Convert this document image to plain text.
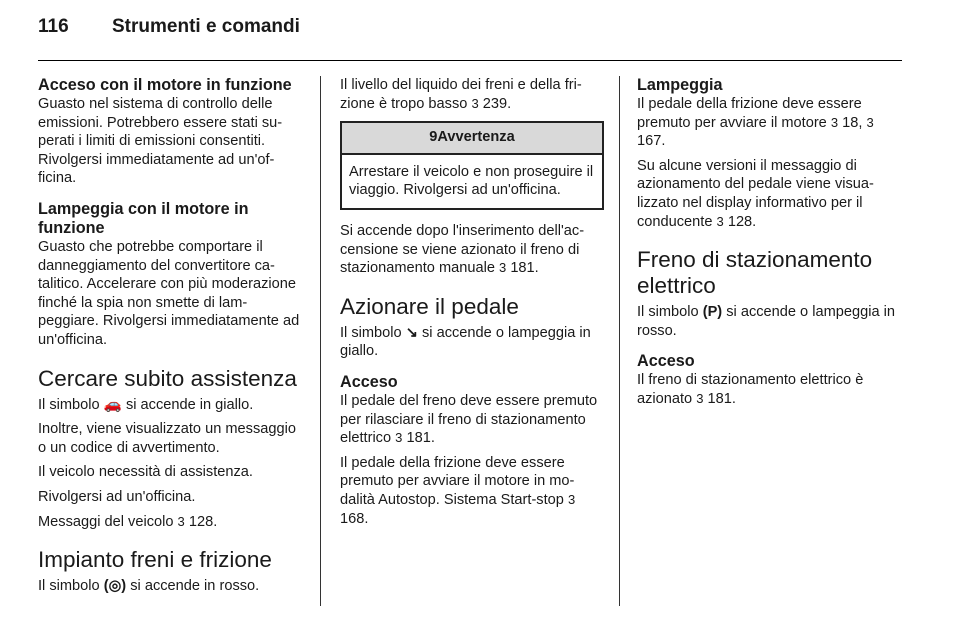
116 Strumenti e comandi
Acceso con il motore in funzione

Guasto nel sistema di controllo delle emissioni. Potrebbero essere stati superati i limiti di emissioni consentiti. Rivolgersi immediatamente ad un'officina.

Lampeggia con il motore in funzione

Guasto che potrebbe comportare il danneggiamento del convertitore catalitico. Accelerare con più moderazione finché la spia non smette di lampeggiare. Rivolgersi immediatamente ad un'officina.

Cercare subito assistenza

Il simbolo 🚗 si accende in giallo.

Inoltre, viene visualizzato un messaggio o un codice di avvertimento.

Il veicolo necessità di assistenza.

Rivolgersi ad un'officina.

Messaggi del veicolo 3 128.

Impianto freni e frizione

Il simbolo (◎) si accende in rosso.

Il livello del liquido dei freni e della frizione è tropo basso 3 239.

9Avvertenza
Arrestare il veicolo e non proseguire il viaggio. Rivolgersi ad un'officina.

Si accende dopo l'inserimento dell'accensione se viene azionato il freno di stazionamento manuale 3 181.

Azionare il pedale

Il simbolo ↘ si accende o lampeggia in giallo.

Acceso

Il pedale del freno deve essere premuto per rilasciare il freno di stazionamento elettrico 3 181.

Il pedale della frizione deve essere premuto per avviare il motore in modalità Autostop. Sistema Start-stop 3 168.

Lampeggia

Il pedale della frizione deve essere premuto per avviare il motore 3 18, 3 167.

Su alcune versioni il messaggio di azionamento del pedale viene visualizzato nel display informativo per il conducente 3 128.

Freno di stazionamento elettrico

Il simbolo (P) si accende o lampeggia in rosso.

Acceso

Il freno di stazionamento elettrico è azionato 3 181.
